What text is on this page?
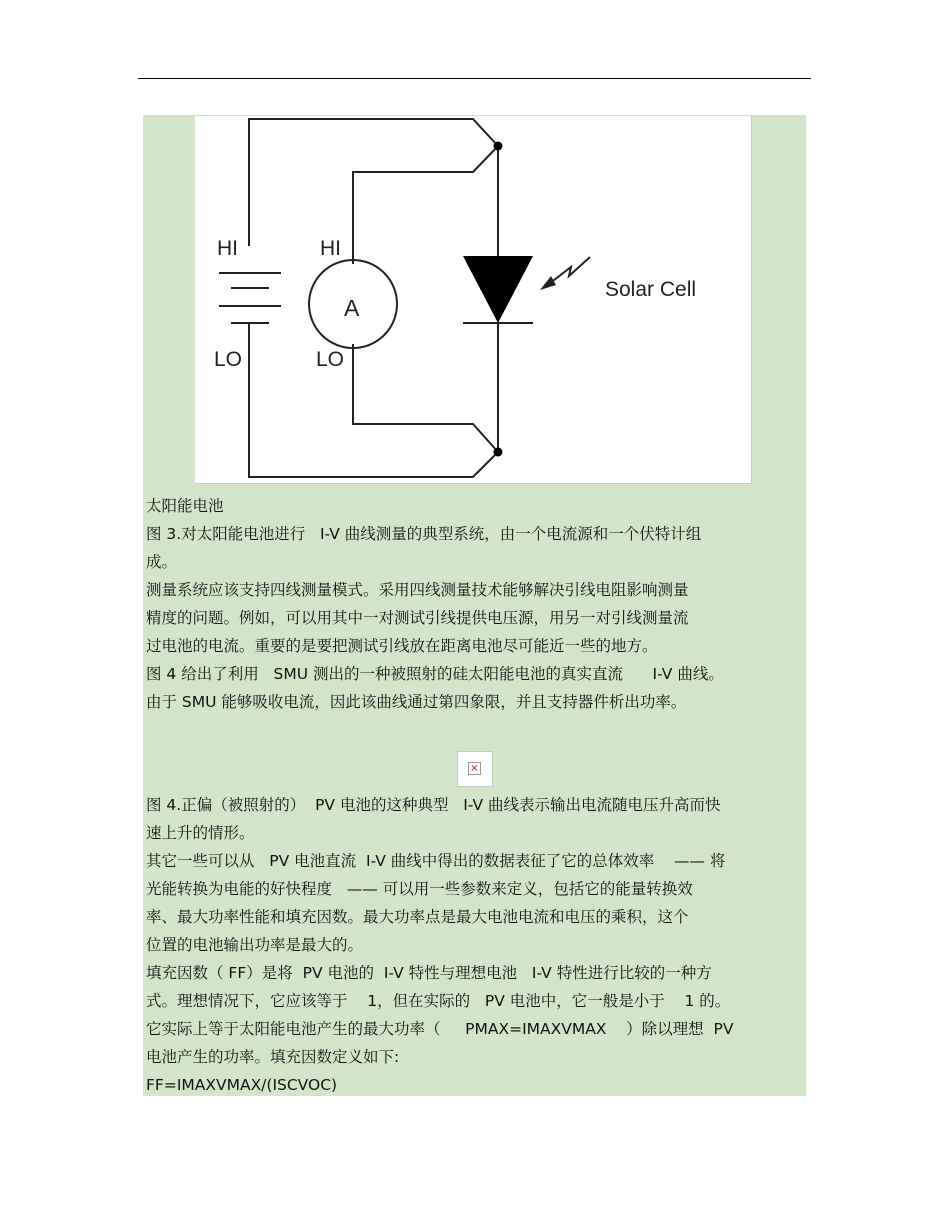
HI
LO
HI
LO
A
Solar Cell

太阳能电池

图 3.对太阳能电池进行   I-V 曲线测量的典型系统，由一个电流源和一个伏特计组

成。

测量系统应该支持四线测量模式。采用四线测量技术能够解决引线电阻影响测量

精度的问题。例如，可以用其中一对测试引线提供电压源，用另一对引线测量流

过电池的电流。重要的是要把测试引线放在距离电池尽可能近一些的地方。

图 4 给出了利用   SMU 测出的一种被照射的硅太阳能电池的真实直流      I-V 曲线。

由于 SMU 能够吸收电流，因此该曲线通过第四象限，并且支持器件析出功率。

×

图 4.正偏（被照射的）  PV 电池的这种典型   I-V 曲线表示输出电流随电压升高而快

速上升的情形。

其它一些可以从   PV 电池直流  I-V 曲线中得出的数据表征了它的总体效率    —— 将

光能转换为电能的好快程度   —— 可以用一些参数来定义，包括它的能量转换效

率、最大功率性能和填充因数。最大功率点是最大电池电流和电压的乘积，这个

位置的电池输出功率是最大的。

填充因数（ FF）是将  PV 电池的  I-V 特性与理想电池   I-V 特性进行比较的一种方

式。理想情况下，它应该等于    1，但在实际的   PV 电池中，它一般是小于    1 的。

它实际上等于太阳能电池产生的最大功率（     PMAX=IMAXVMAX    ）除以理想  PV

电池产生的功率。填充因数定义如下:

FF=IMAXVMAX/(ISCVOC)
